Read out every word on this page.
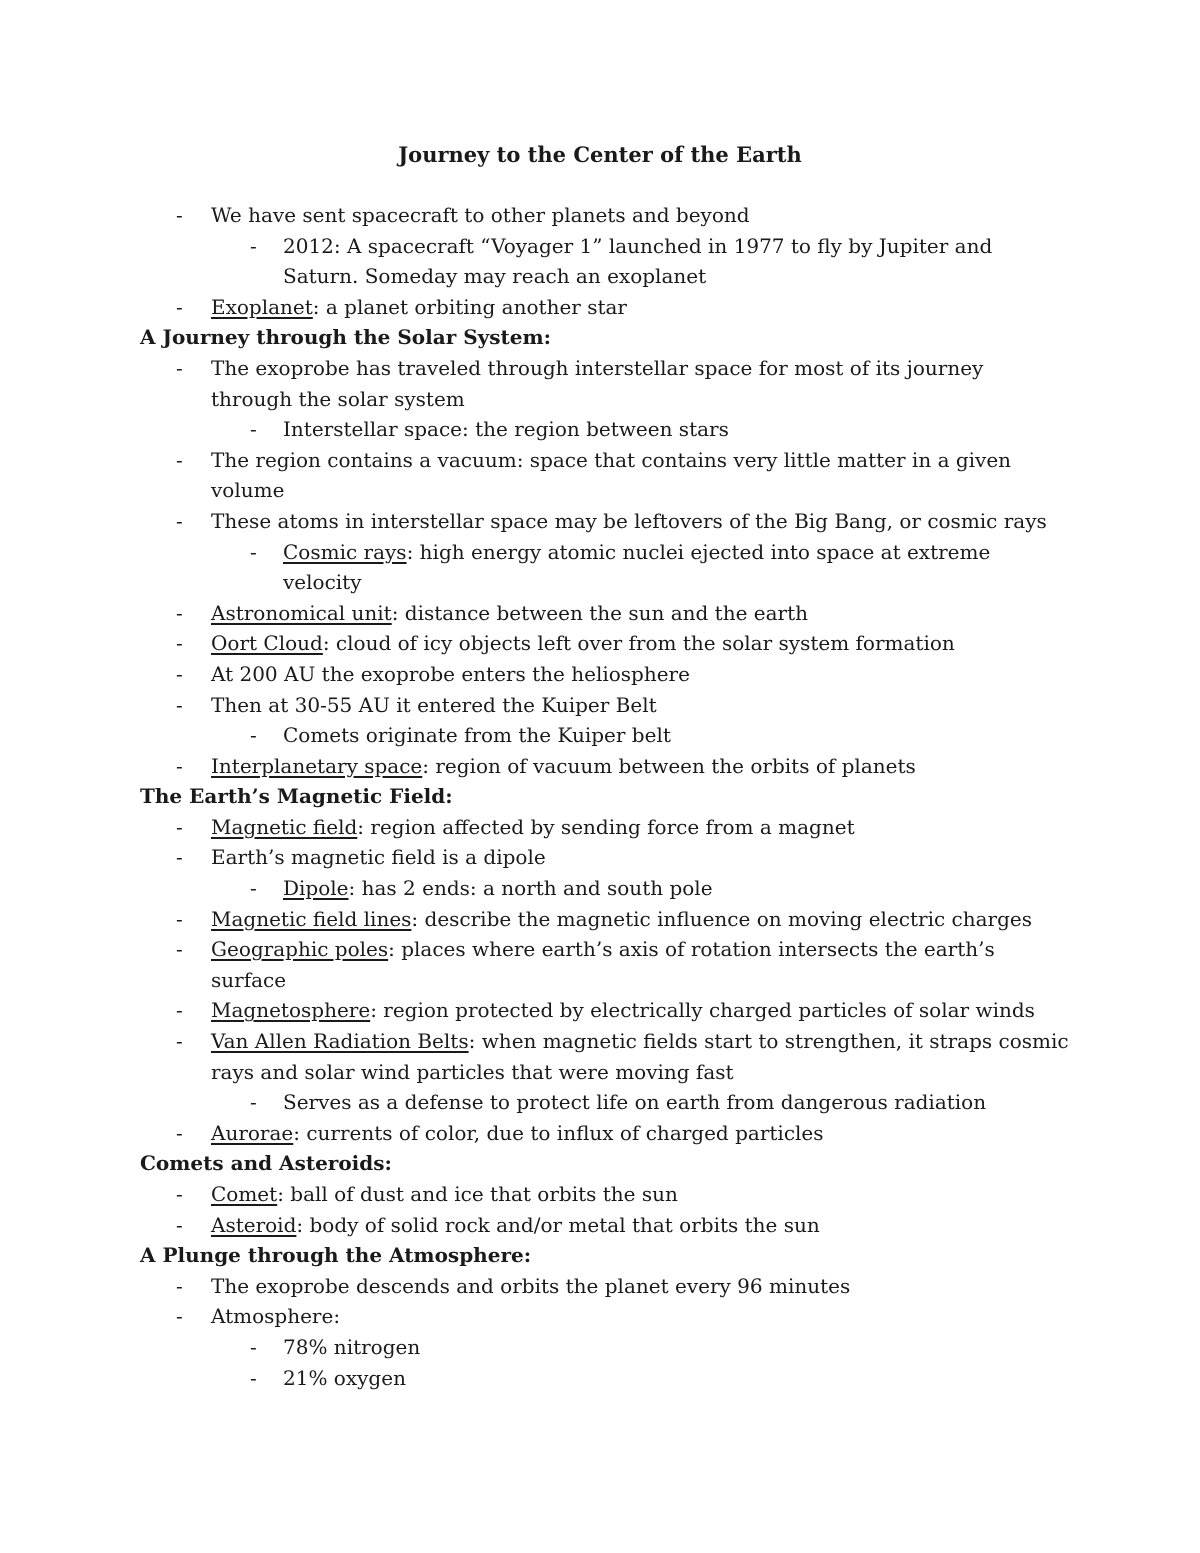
Journey to the Center of the Earth
- We have sent spacecraft to other planets and beyond
- 2012: A spacecraft “Voyager 1” launched in 1977 to fly by Jupiter and Saturn. Someday may reach an exoplanet
- Exoplanet: a planet orbiting another star
A Journey through the Solar System:
- The exoprobe has traveled through interstellar space for most of its journey through the solar system
- Interstellar space: the region between stars
- The region contains a vacuum: space that contains very little matter in a given volume
- These atoms in interstellar space may be leftovers of the Big Bang, or cosmic rays
- Cosmic rays: high energy atomic nuclei ejected into space at extreme velocity
- Astronomical unit: distance between the sun and the earth
- Oort Cloud: cloud of icy objects left over from the solar system formation
- At 200 AU the exoprobe enters the heliosphere
- Then at 30-55 AU it entered the Kuiper Belt
- Comets originate from the Kuiper belt
- Interplanetary space: region of vacuum between the orbits of planets
The Earth’s Magnetic Field:
- Magnetic field: region affected by sending force from a magnet
- Earth’s magnetic field is a dipole
- Dipole: has 2 ends: a north and south pole
- Magnetic field lines: describe the magnetic influence on moving electric charges
- Geographic poles: places where earth’s axis of rotation intersects the earth’s surface
- Magnetosphere: region protected by electrically charged particles of solar winds
- Van Allen Radiation Belts: when magnetic fields start to strengthen, it straps cosmic rays and solar wind particles that were moving fast
- Serves as a defense to protect life on earth from dangerous radiation
- Aurorae: currents of color, due to influx of charged particles
Comets and Asteroids:
- Comet: ball of dust and ice that orbits the sun
- Asteroid: body of solid rock and/or metal that orbits the sun
A Plunge through the Atmosphere:
- The exoprobe descends and orbits the planet every 96 minutes
- Atmosphere:
- 78% nitrogen
- 21% oxygen
